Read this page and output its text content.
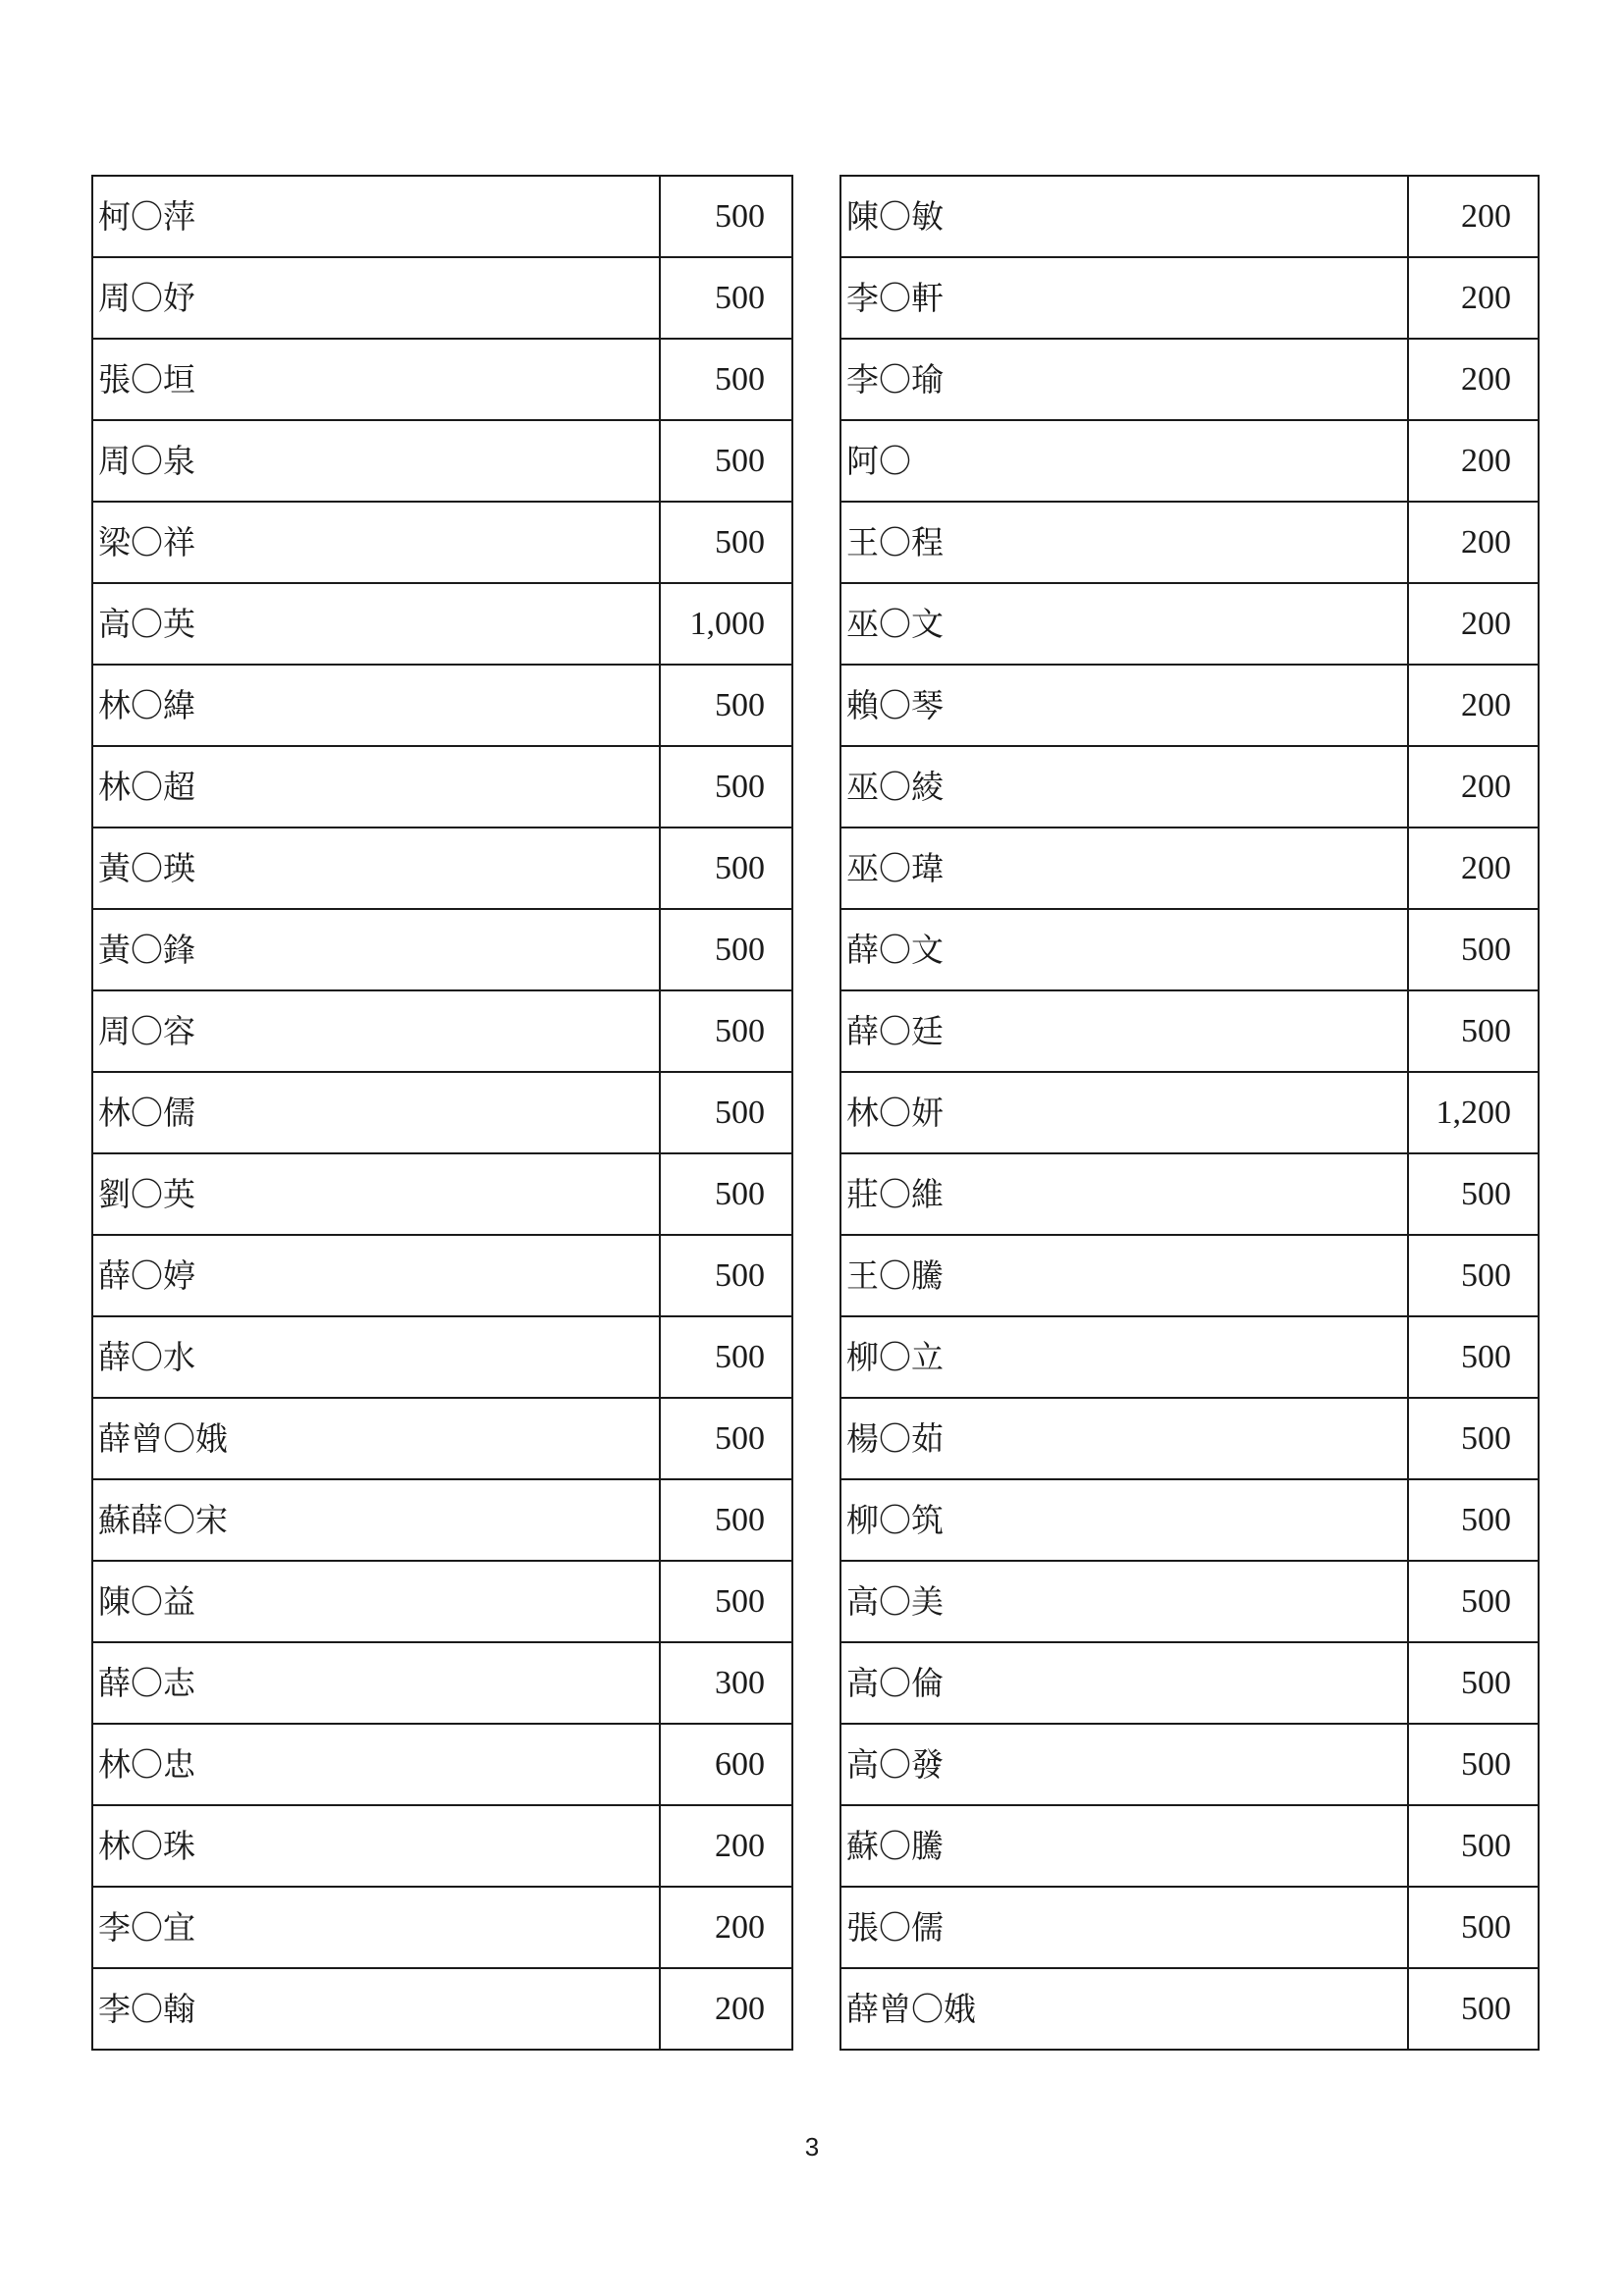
柯〇萍	500
周〇妤	500
張〇垣	500
周〇泉	500
梁〇祥	500
高〇英	1,000
林〇緯	500
林〇超	500
黃〇瑛	500
黃〇鋒	500
周〇容	500
林〇儒	500
劉〇英	500
薛〇婷	500
薛〇水	500
薛曾〇娥	500
蘇薛〇宋	500
陳〇益	500
薛〇志	300
林〇忠	600
林〇珠	200
李〇宜	200
李〇翰	200
陳〇敏	200
李〇軒	200
李〇瑜	200
阿〇	200
王〇程	200
巫〇文	200
賴〇琴	200
巫〇綾	200
巫〇瑋	200
薛〇文	500
薛〇廷	500
林〇妍	1,200
莊〇維	500
王〇騰	500
柳〇立	500
楊〇茹	500
柳〇筑	500
高〇美	500
高〇倫	500
高〇發	500
蘇〇騰	500
張〇儒	500
薛曾〇娥	500
3
